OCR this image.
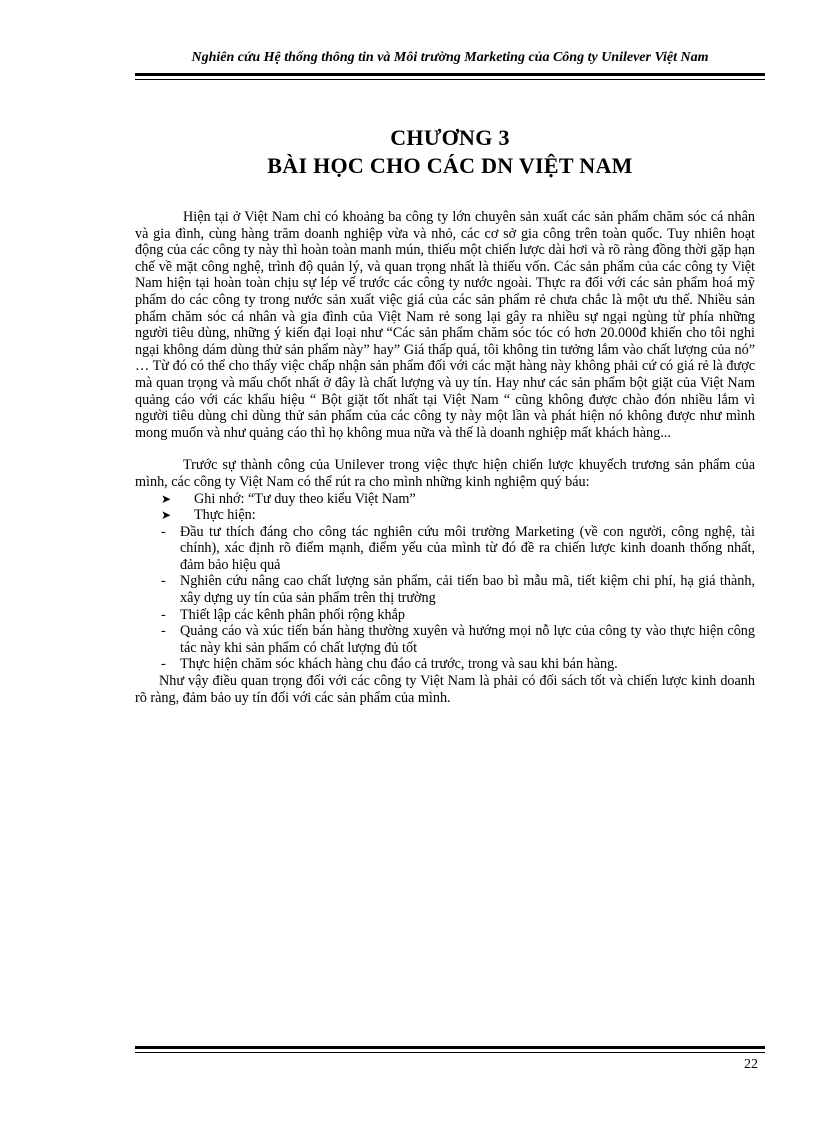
Nghiên cứu Hệ thống thông tin và Môi trường Marketing của Công ty Unilever Việt Nam
CHƯƠNG 3
BÀI HỌC CHO CÁC DN VIỆT NAM

Hiện tại ở Việt Nam chỉ có khoảng ba công ty lớn chuyên sản xuất các sản phẩm chăm sóc cá nhân và gia đình, cùng hàng trăm doanh nghiệp vừa và nhỏ, các cơ sở gia công trên toàn quốc. Tuy nhiên hoạt động của các công ty này thì hoàn toàn manh mún, thiếu một chiến lược dài hơi và rõ ràng đồng thời gặp hạn chế về mặt công nghệ, trình độ quản lý, và quan trọng nhất là thiếu vốn. Các sản phẩm của các công ty Việt Nam hiện tại hoàn toàn chịu sự lép vế trước các công ty nước ngoài. Thực ra đối với các sản phẩm hoá mỹ phẩm do các công ty trong nước sản xuất việc giá của các sản phẩm rẻ chưa chắc là một ưu thế. Nhiều sản phẩm chăm sóc cá nhân và gia đình của Việt Nam rẻ song lại gây ra nhiều sự ngại ngùng từ phía những người tiêu dùng, những ý kiến đại loại như “Các sản phẩm chăm sóc tóc có hơn 20.000đ khiến cho tôi nghi ngại không dám dùng thử sản phẩm này” hay” Giá thấp quá, tôi không tin tưởng lắm vào chất lượng của nó” … Từ đó có thể cho thấy việc chấp nhận sản phẩm đối với các mặt hàng này không phải cứ có giá rẻ là được mà quan trọng và mấu chốt nhất ở đây là chất lượng và uy tín. Hay như các sản phẩm bột giặt của Việt Nam quảng cáo với các khẩu hiệu “ Bột giặt tốt nhất tại Việt Nam “ cũng không được chào đón nhiều lắm vì người tiêu dùng chỉ dùng thử sản phẩm của các công ty này một lần và phát hiện nó không được như mình mong muốn và như quảng cáo thì họ không mua nữa và thế là doanh nghiệp mất khách hàng...

Trước sự thành công của Unilever trong việc thực hiện chiến lược khuyếch trương sản phẩm của mình, các công ty Việt Nam có thể rút ra cho mình những kinh nghiệm quý báu:

➤ Ghi nhớ: “Tư duy theo kiểu Việt Nam”
➤ Thực hiện:
- Đầu tư thích đáng cho công tác nghiên cứu môi trường Marketing (về con người, công nghệ, tài chính), xác định rõ điểm mạnh, điểm yếu của mình từ đó đề ra chiến lược kinh doanh thống nhất, đảm bảo hiệu quả
- Nghiên cứu nâng cao chất lượng sản phẩm, cải tiến bao bì mẫu mã, tiết kiệm chi phí, hạ giá thành, xây dựng uy tín của sản phẩm trên thị trường
- Thiết lập các kênh phân phối rộng khắp
- Quảng cáo và xúc tiến bán hàng thường xuyên và hướng mọi nỗ lực của công ty vào thực hiện công tác này khi sản phẩm có chất lượng đủ tốt
- Thực hiện chăm sóc khách hàng chu đáo cả trước, trong và sau khi bán hàng.

Như vậy điều quan trọng đối với các công ty Việt Nam là phải có đối sách tốt và chiến lược kinh doanh rõ ràng, đảm bảo uy tín đối với các sản phẩm của mình.

22
